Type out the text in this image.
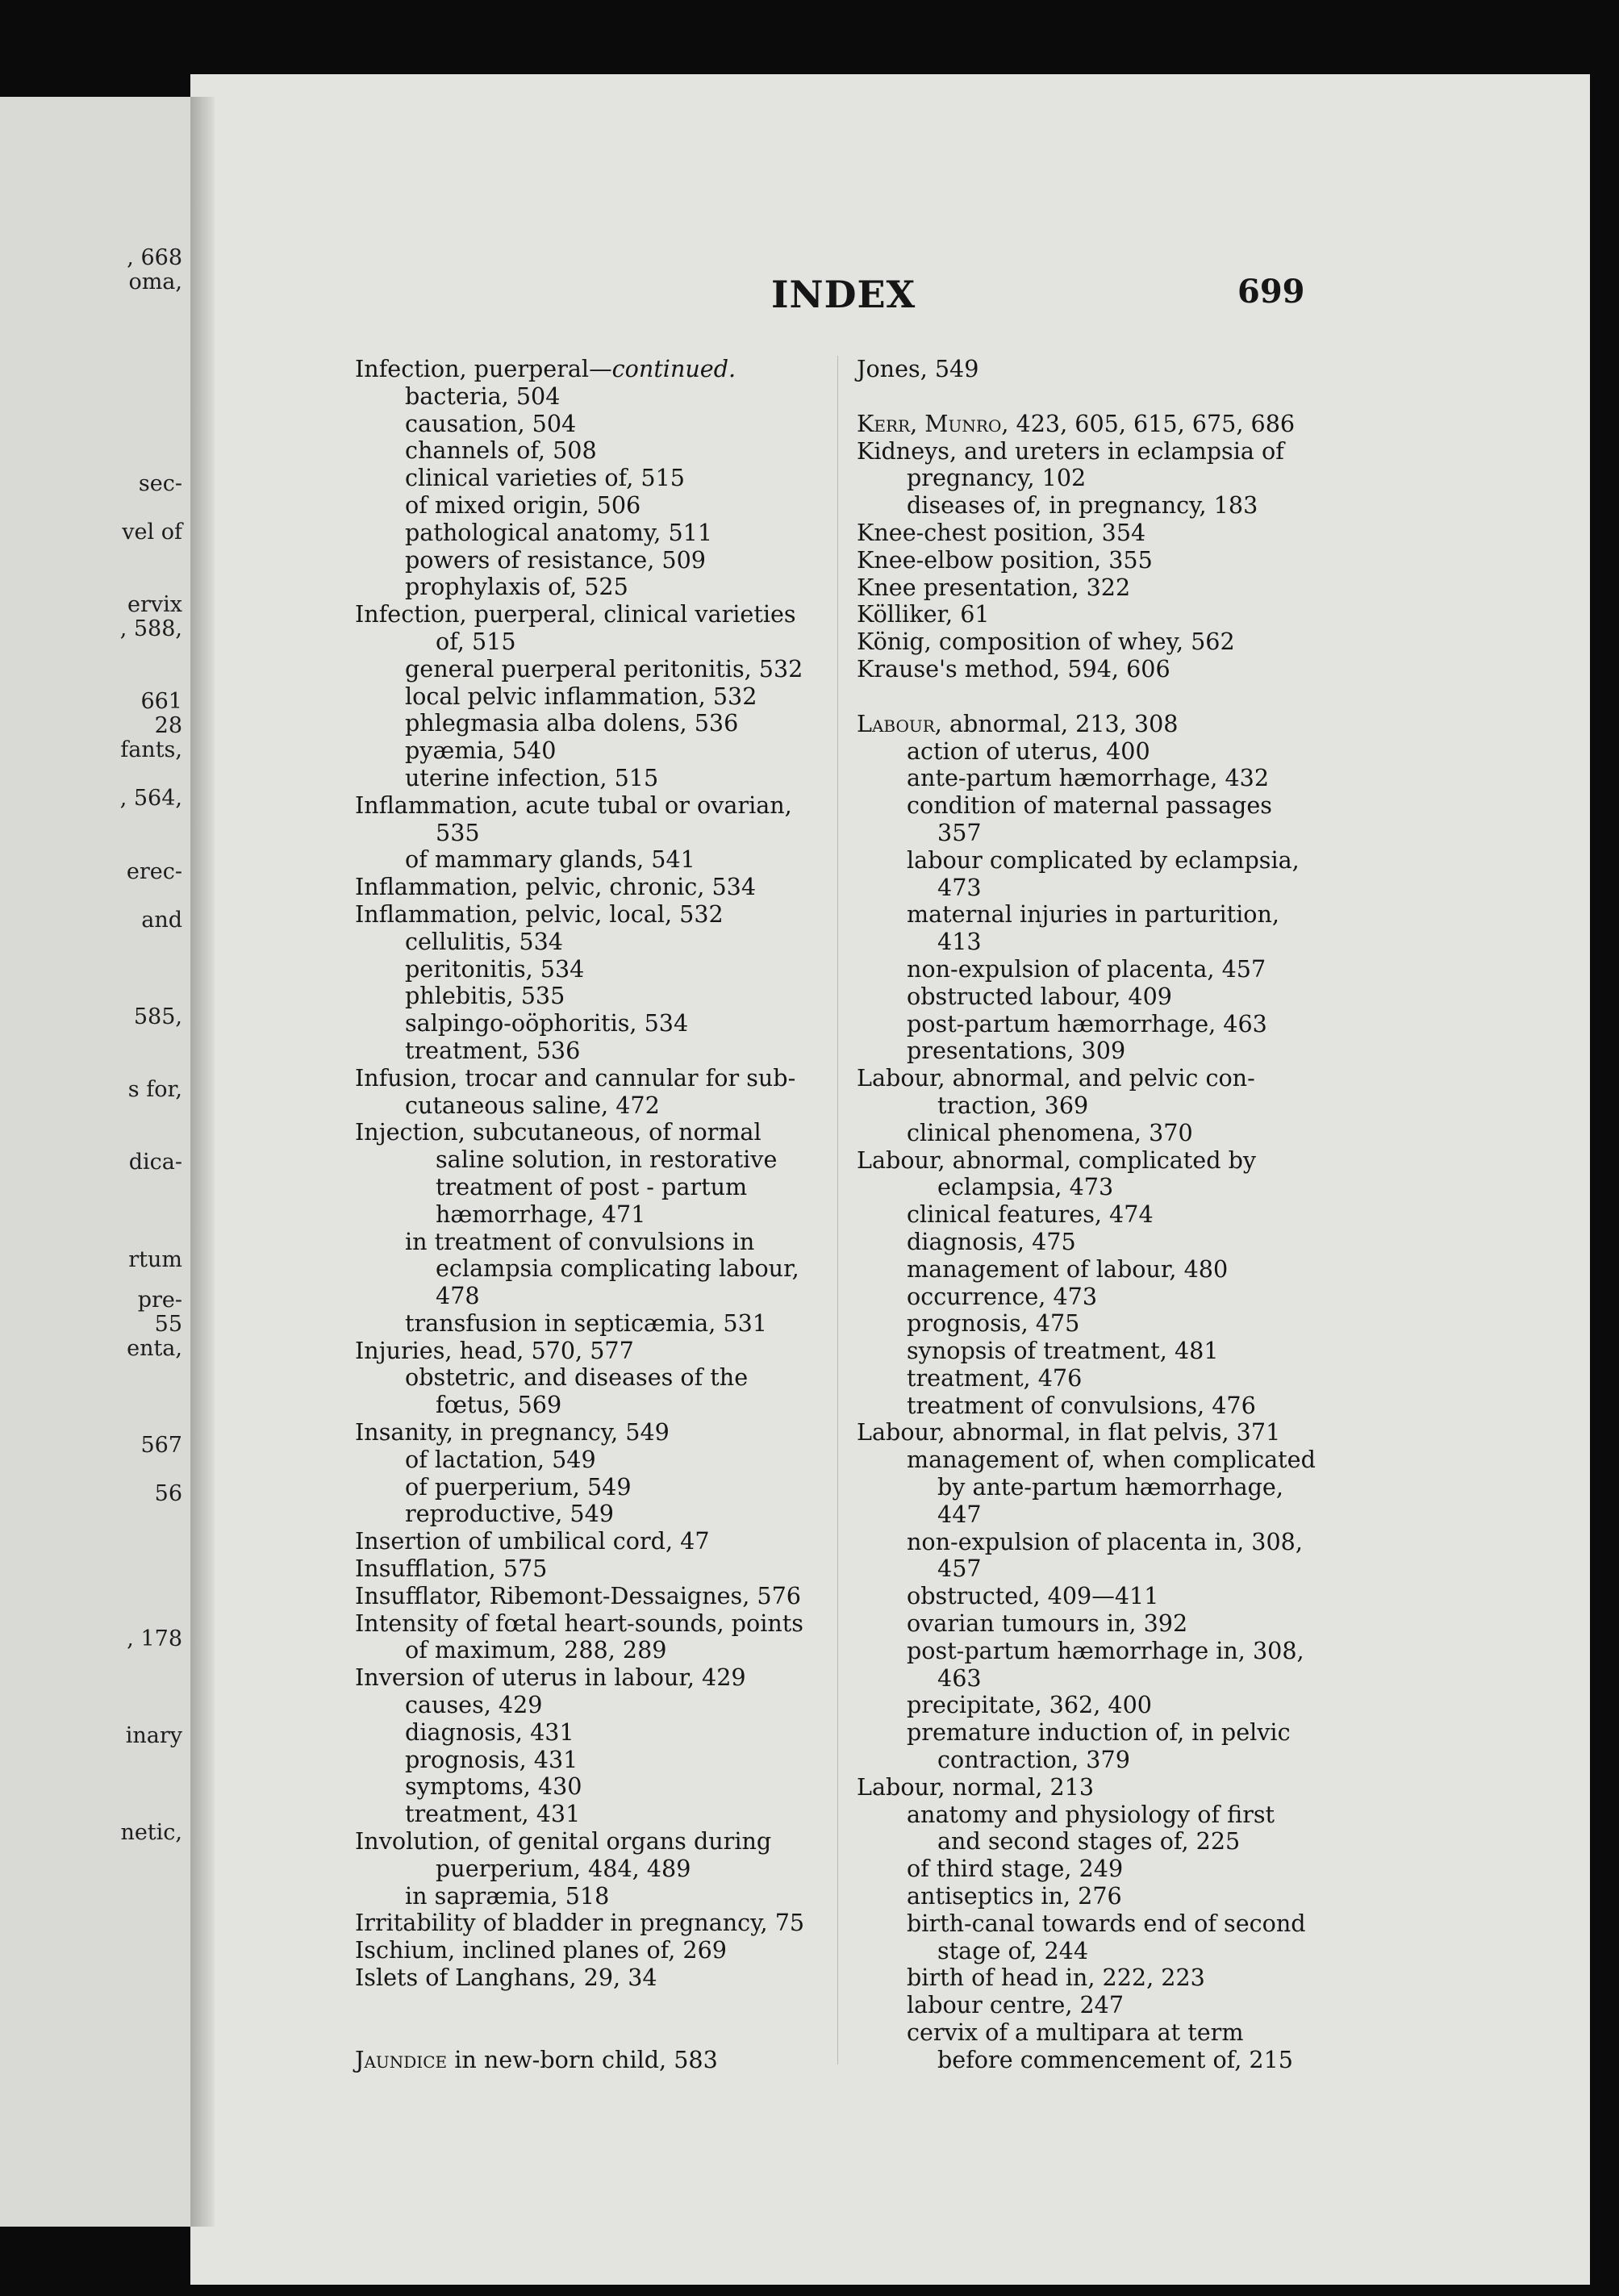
, 668
oma,
sec-
vel of
ervix
, 588,
661
28
fants,
, 564,
erec-
and
585,
s for,
dica-
rtum
pre-
55
enta,
567
56
, 178
inary
netic,
INDEX	699
Infection, puerperal—continued.
bacteria, 504
causation, 504
channels of, 508
clinical varieties of, 515
of mixed origin, 506
pathological anatomy, 511
powers of resistance, 509
prophylaxis of, 525
Infection, puerperal, clinical varieties
of, 515
general puerperal peritonitis, 532
local pelvic inflammation, 532
phlegmasia alba dolens, 536
pyæmia, 540
uterine infection, 515
Inflammation, acute tubal or ovarian,
535
of mammary glands, 541
Inflammation, pelvic, chronic, 534
Inflammation, pelvic, local, 532
cellulitis, 534
peritonitis, 534
phlebitis, 535
salpingo-oöphoritis, 534
treatment, 536
Infusion, trocar and cannular for sub-
cutaneous saline, 472
Injection, subcutaneous, of normal
saline solution, in restorative
treatment of post - partum
hæmorrhage, 471
in treatment of convulsions in
eclampsia complicating labour,
478
transfusion in septicæmia, 531
Injuries, head, 570, 577
obstetric, and diseases of the
fœtus, 569
Insanity, in pregnancy, 549
of lactation, 549
of puerperium, 549
reproductive, 549
Insertion of umbilical cord, 47
Insufflation, 575
Insufflator, Ribemont-Dessaignes, 576
Intensity of fœtal heart-sounds, points
of maximum, 288, 289
Inversion of uterus in labour, 429
causes, 429
diagnosis, 431
prognosis, 431
symptoms, 430
treatment, 431
Involution, of genital organs during
puerperium, 484, 489
in sapræmia, 518
Irritability of bladder in pregnancy, 75
Ischium, inclined planes of, 269
Islets of Langhans, 29, 34
Jaundice in new-born child, 583
Jones, 549
Kerr, Munro, 423, 605, 615, 675, 686
Kidneys, and ureters in eclampsia of
pregnancy, 102
diseases of, in pregnancy, 183
Knee-chest position, 354
Knee-elbow position, 355
Knee presentation, 322
Kölliker, 61
König, composition of whey, 562
Krause's method, 594, 606
Labour, abnormal, 213, 308
action of uterus, 400
ante-partum hæmorrhage, 432
condition of maternal passages
357
labour complicated by eclampsia,
473
maternal injuries in parturition,
413
non-expulsion of placenta, 457
obstructed labour, 409
post-partum hæmorrhage, 463
presentations, 309
Labour, abnormal, and pelvic con-
traction, 369
clinical phenomena, 370
Labour, abnormal, complicated by
eclampsia, 473
clinical features, 474
diagnosis, 475
management of labour, 480
occurrence, 473
prognosis, 475
synopsis of treatment, 481
treatment, 476
treatment of convulsions, 476
Labour, abnormal, in flat pelvis, 371
management of, when complicated
by ante-partum hæmorrhage,
447
non-expulsion of placenta in, 308,
457
obstructed, 409—411
ovarian tumours in, 392
post-partum hæmorrhage in, 308,
463
precipitate, 362, 400
premature induction of, in pelvic
contraction, 379
Labour, normal, 213
anatomy and physiology of first
and second stages of, 225
of third stage, 249
antiseptics in, 276
birth-canal towards end of second
stage of, 244
birth of head in, 222, 223
labour centre, 247
cervix of a multipara at term
before commencement of, 215
